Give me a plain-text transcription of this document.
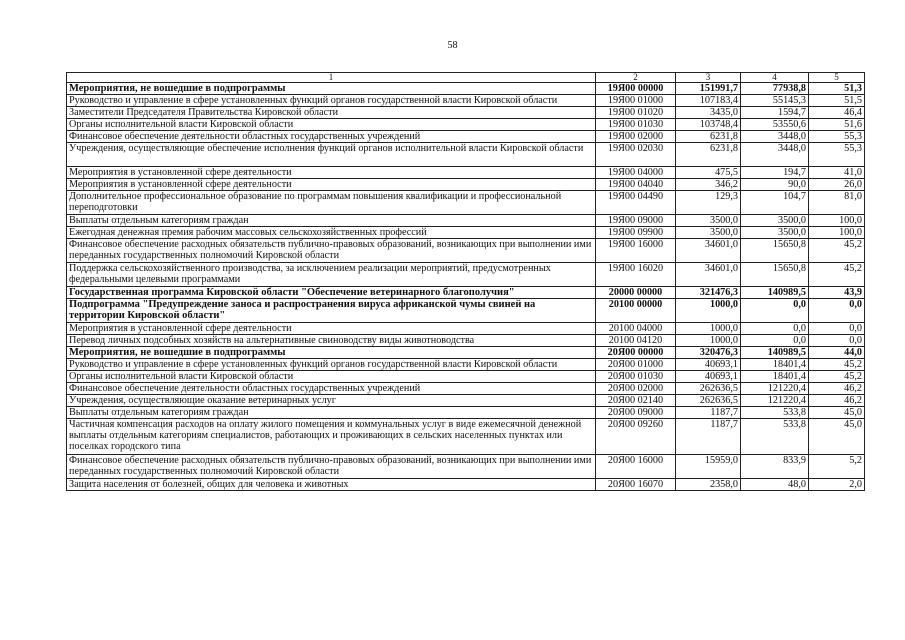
58
1	2	3	4	5
Мероприятия, не вошедшие в подпрограммы	19Я00 00000	151991,7	77938,8	51,3
Руководство и управление в сфере установленных функций органов государственной власти Кировской области	19Я00 01000	107183,4	55145,3	51,5
Заместители Председателя Правительства Кировской области	19Я00 01020	3435,0	1594,7	46,4
Органы исполнительной власти Кировской области	19Я00 01030	103748,4	53550,6	51,6
Финансовое обеспечение деятельности областных государственных учреждений	19Я00 02000	6231,8	3448,0	55,3
Учреждения, осуществляющие обеспечение исполнения функций органов исполнительной власти Кировской области	19Я00 02030	6231,8	3448,0	55,3
Мероприятия в установленной сфере деятельности	19Я00 04000	475,5	194,7	41,0
Мероприятия в установленной сфере деятельности	19Я00 04040	346,2	90,0	26,0
Дополнительное профессиональное образование по программам повышения квалификации и профессиональной переподготовки	19Я00 04490	129,3	104,7	81,0
Выплаты отдельным категориям граждан	19Я00 09000	3500,0	3500,0	100,0
Ежегодная денежная премия рабочим массовых сельскохозяйственных профессий	19Я00 09900	3500,0	3500,0	100,0
Финансовое обеспечение расходных обязательств публично-правовых образований, возникающих при выполнении ими переданных государственных полномочий Кировской области	19Я00 16000	34601,0	15650,8	45,2
Поддержка сельскохозяйственного производства, за исключением реализации мероприятий, предусмотренных федеральными целевыми программами	19Я00 16020	34601,0	15650,8	45,2
Государственная программа Кировской области "Обеспечение ветеринарного благополучия"	20000 00000	321476,3	140989,5	43,9
Подпрограмма "Предупреждение заноса и распространения вируса африканской чумы свиней на территории Кировской области"	20100 00000	1000,0	0,0	0,0
Мероприятия в установленной сфере деятельности	20100 04000	1000,0	0,0	0,0
Перевод личных подсобных хозяйств на альтернативные свиноводству виды животноводства	20100 04120	1000,0	0,0	0,0
Мероприятия, не вошедшие в подпрограммы	20Я00 00000	320476,3	140989,5	44,0
Руководство и управление в сфере установленных функций органов государственной власти Кировской области	20Я00 01000	40693,1	18401,4	45,2
Органы исполнительной власти Кировской области	20Я00 01030	40693,1	18401,4	45,2
Финансовое обеспечение деятельности областных государственных учреждений	20Я00 02000	262636,5	121220,4	46,2
Учреждения, осуществляющие оказание ветеринарных услуг	20Я00 02140	262636,5	121220,4	46,2
Выплаты отдельным категориям граждан	20Я00 09000	1187,7	533,8	45,0
Частичная компенсация расходов на оплату жилого помещения и коммунальных услуг в виде ежемесячной денежной выплаты отдельным категориям специалистов, работающих и проживающих в сельских населенных пунктах или поселках городского типа	20Я00 09260	1187,7	533,8	45,0
Финансовое обеспечение расходных обязательств публично-правовых образований, возникающих при выполнении ими переданных государственных полномочий Кировской области	20Я00 16000	15959,0	833,9	5,2
Защита населения от болезней, общих для человека и животных	20Я00 16070	2358,0	48,0	2,0
